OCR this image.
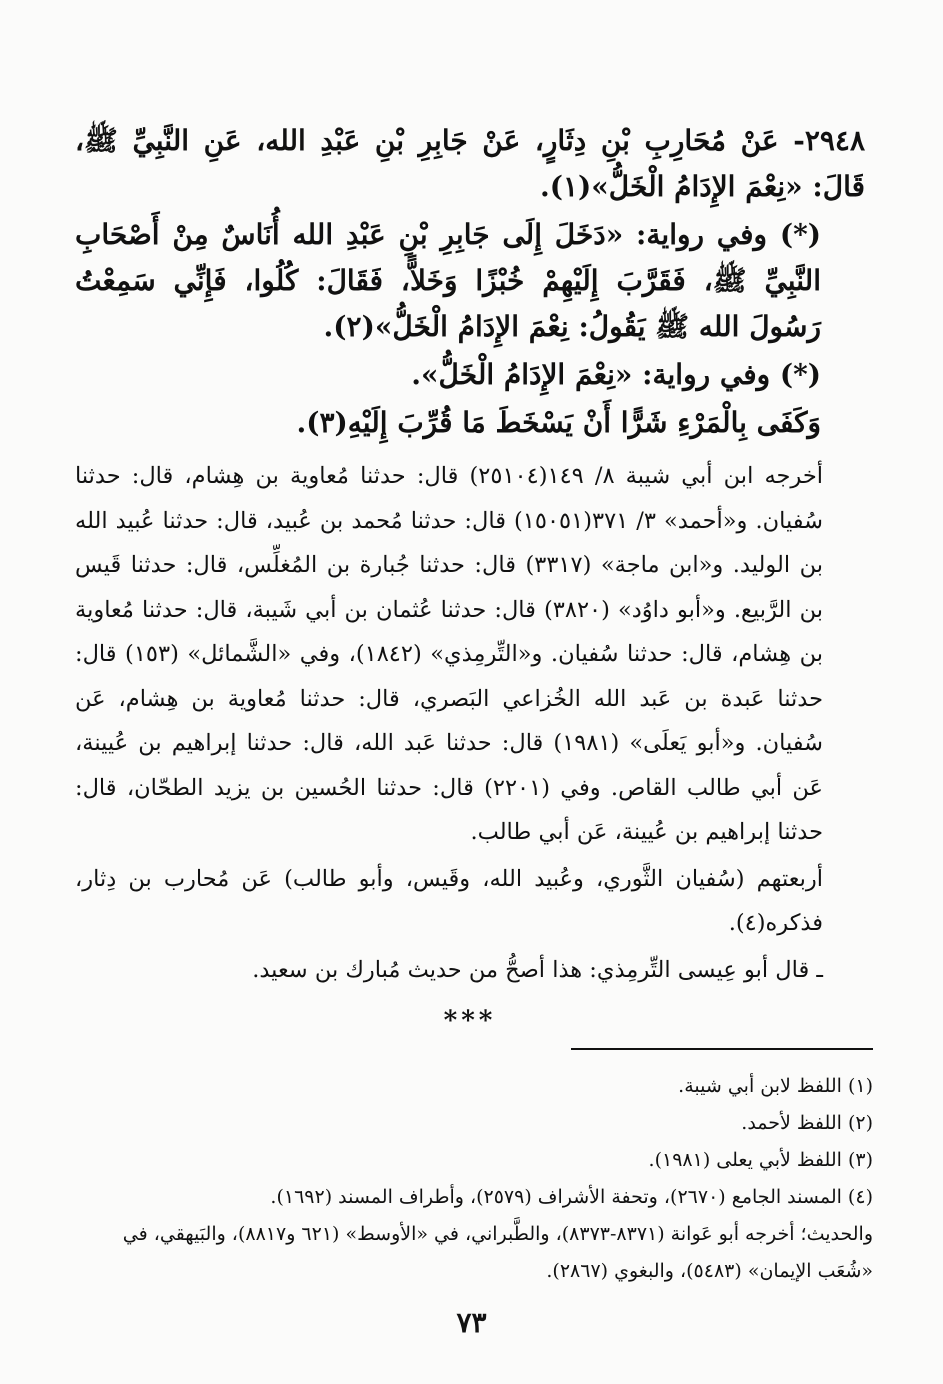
٢٩٤٨- عَنْ مُحَارِبِ بْنِ دِثَارٍ، عَنْ جَابِرِ بْنِ عَبْدِ الله، عَنِ النَّبِيِّ ﷺ، قَالَ: «نِعْمَ الإِدَامُ الْخَلُّ»(١).

(*) وفي رواية: «دَخَلَ إِلَى جَابِرِ بْنِ عَبْدِ الله أُنَاسٌ مِنْ أَصْحَابِ النَّبِيِّ ﷺ، فَقَرَّبَ إِلَيْهِمْ خُبْزًا وَخَلاًّ، فَقَالَ: كُلُوا، فَإِنِّي سَمِعْتُ رَسُولَ الله ﷺ يَقُولُ: نِعْمَ الإِدَامُ الْخَلُّ»(٢).

(*) وفي رواية: «نِعْمَ الإِدَامُ الْخَلُّ».

وَكَفَى بِالْمَرْءِ شَرًّا أَنْ يَسْخَطَ مَا قُرِّبَ إِلَيْهِ(٣).

أخرجه ابن أبي شيبة ٨/ ١٤٩(٢٥١٠٤) قال: حدثنا مُعاوية بن هِشام، قال: حدثنا سُفيان. و«أحمد» ٣/ ٣٧١(١٥٠٥١) قال: حدثنا مُحمد بن عُبيد، قال: حدثنا عُبيد الله بن الوليد. و«ابن ماجة» (٣٣١٧) قال: حدثنا جُبارة بن المُغلِّس، قال: حدثنا قَيس بن الرَّبيع. و«أبو داوُد» (٣٨٢٠) قال: حدثنا عُثمان بن أبي شَيبة، قال: حدثنا مُعاوية بن هِشام، قال: حدثنا سُفيان. و«التِّرمِذي» (١٨٤٢)، وفي «الشَّمائل» (١٥٣) قال: حدثنا عَبدة بن عَبد الله الخُزاعي البَصري، قال: حدثنا مُعاوية بن هِشام، عَن سُفيان. و«أبو يَعلَى» (١٩٨١) قال: حدثنا عَبد الله، قال: حدثنا إبراهيم بن عُيينة، عَن أبي طالب القاص. وفي (٢٢٠١) قال: حدثنا الحُسين بن يزيد الطحّان، قال: حدثنا إبراهيم بن عُيينة، عَن أبي طالب.

أربعتهم (سُفيان الثَّوري، وعُبيد الله، وقَيس، وأبو طالب) عَن مُحارب بن دِثار، فذكره(٤).

ـ قال أبو عِيسى التِّرمِذي: هذا أصحُّ من حديث مُبارك بن سعيد.

***

(١) اللفظ لابن أبي شيبة.

(٢) اللفظ لأحمد.

(٣) اللفظ لأبي يعلى (١٩٨١).

(٤) المسند الجامع (٢٦٧٠)، وتحفة الأشراف (٢٥٧٩)، وأطراف المسند (١٦٩٢).

والحديث؛ أخرجه أبو عَوانة (٨٣٧١-٨٣٧٣)، والطَّبراني، في «الأوسط» (٦٢١ و٨٨١٧)، والبَيهقي، في «شُعَب الإيمان» (٥٤٨٣)، والبغوي (٢٨٦٧).

٧٣
